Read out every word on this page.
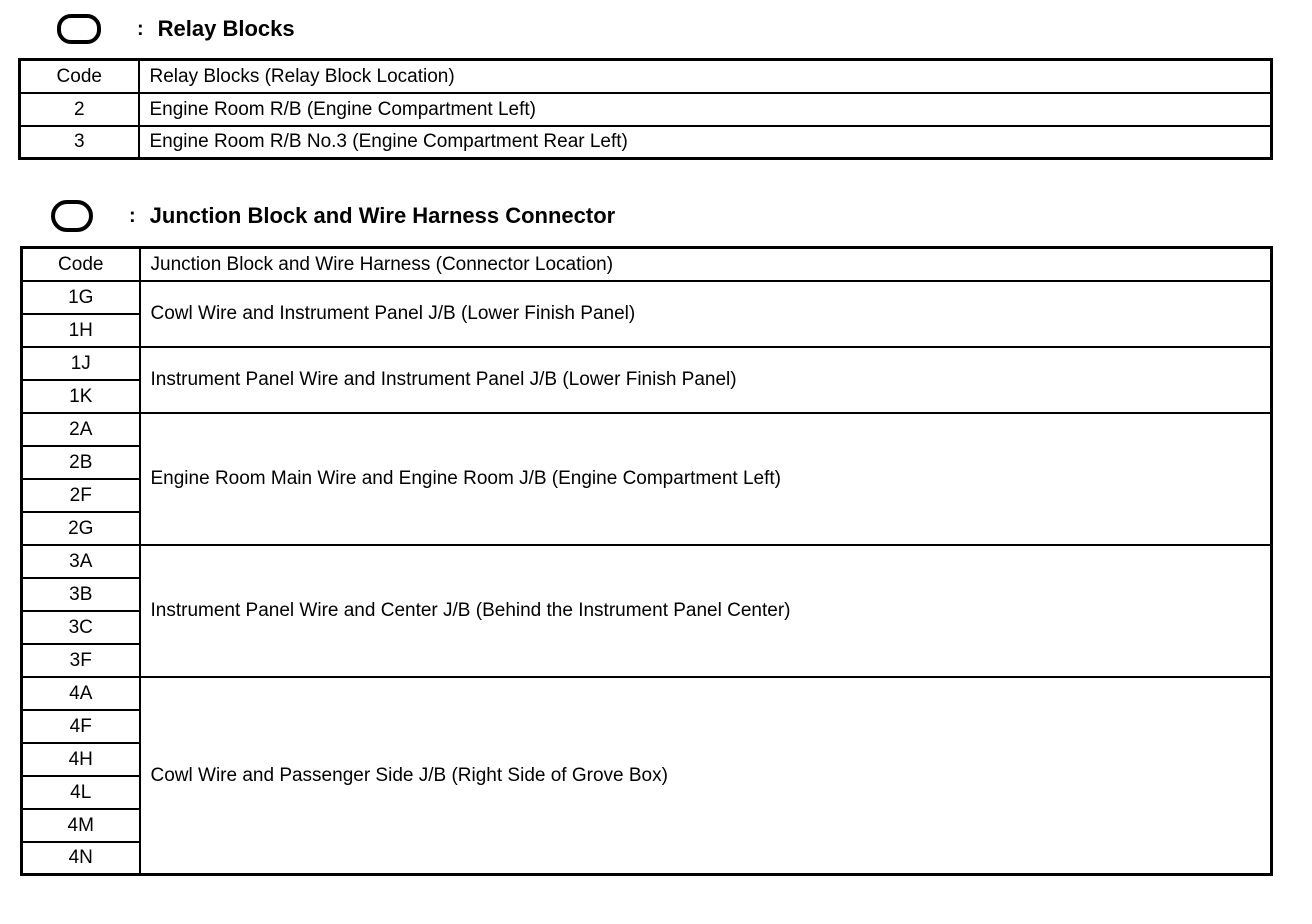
: Relay Blocks
Code	Relay Blocks (Relay Block Location)
2	Engine Room R/B (Engine Compartment Left)
3	Engine Room R/B No.3 (Engine Compartment Rear Left)
: Junction Block and Wire Harness Connector
Code	Junction Block and Wire Harness (Connector Location)
1G	Cowl Wire and Instrument Panel J/B (Lower Finish Panel)
1H	
1J	Instrument Panel Wire and Instrument Panel J/B (Lower Finish Panel)
1K	
2A	Engine Room Main Wire and Engine Room J/B (Engine Compartment Left)
2B	
2F	
2G	
3A	Instrument Panel Wire and Center J/B (Behind the Instrument Panel Center)
3B	
3C	
3F	
4A	Cowl Wire and Passenger Side J/B (Right Side of Grove Box)
4F	
4H	
4L	
4M	
4N	
